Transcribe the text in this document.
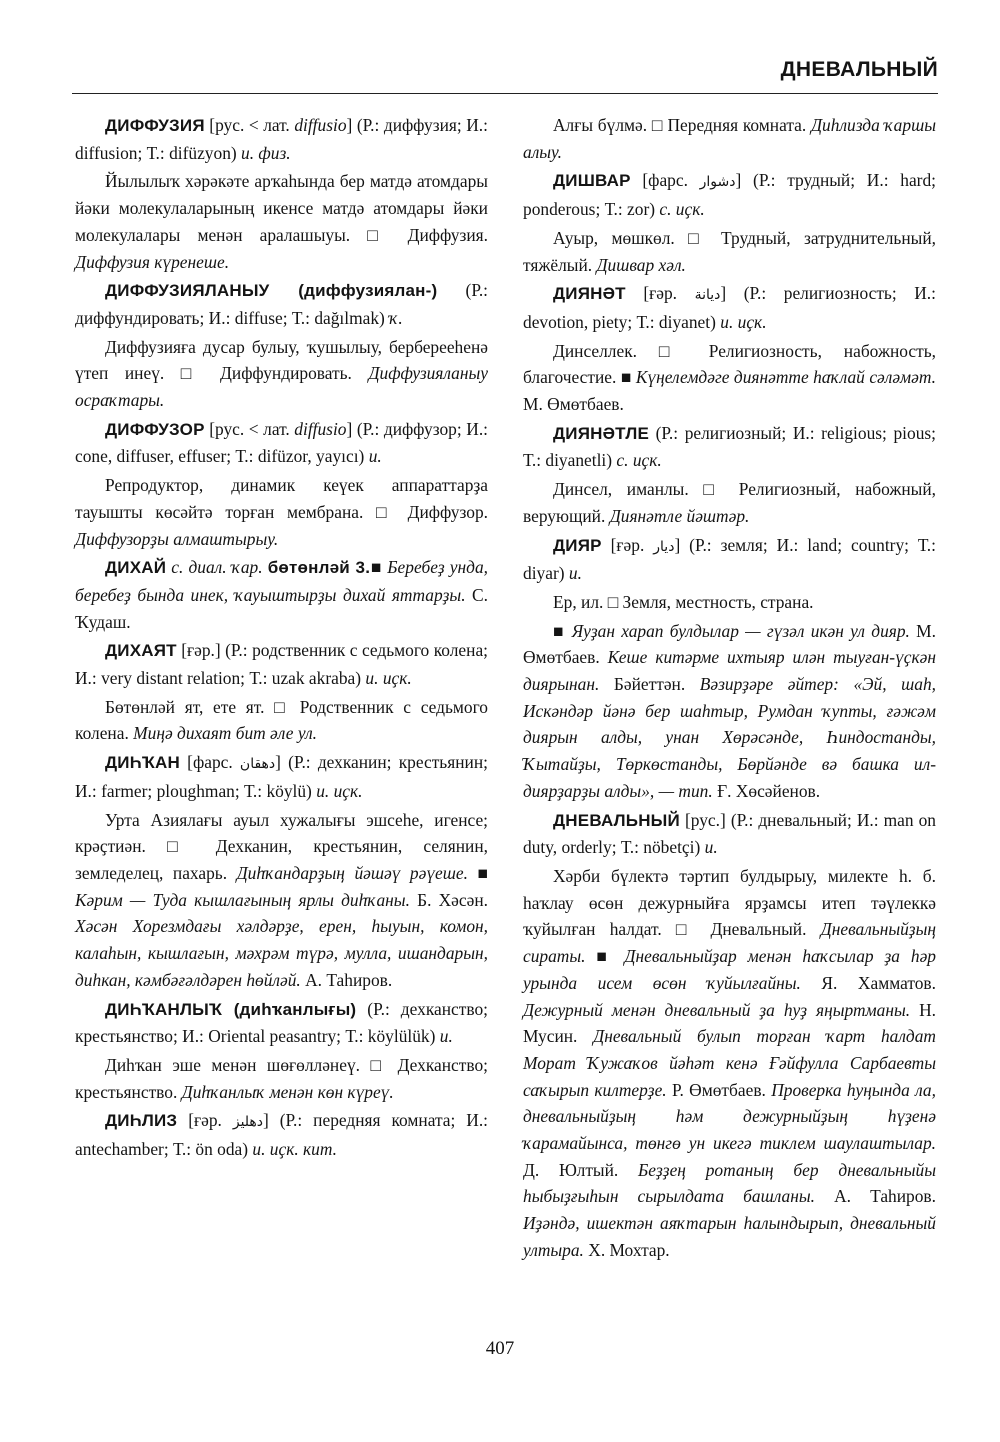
ДНЕВАЛЬНЫЙ

ДИФФУЗИЯ [рус. < лат. diffusio] (Р.: диффузия; И.: diffusion; Т.: difüzyon) и. физ.

Йылылыҡ хәрәкәте арҡаһында бер матдә атомдары йәки молекулаларының икенсе матдә атомдары йәки молекулалары менән аралашыуы. □ Диффузия. Диффузия күренеше.

ДИФФУЗИЯЛАНЫУ (диффузиялан-) (Р.: диффундировать; И.: diffuse; Т.: dağılmak) ҡ.

Диффузияға дусар булыу, ҡушылыу, берберееһенә үтеп инеү. □ Диффундировать. Диффузияланыу осраҡтары.

ДИФФУЗОР [рус. < лат. diffusio] (Р.: диффузор; И.: cone, diffuser, effuser; Т.: difüzor, yayıcı) и.

Репродуктор, динамик кеүек аппараттарҙа тауышты көсәйтә торған мембрана. □ Диффузор. Диффузорҙы алмаштырыу.

ДИХАЙ с. диал. ҡар. бөтөнләй 3.■ Беребеҙ унда, беребеҙ бында инек, ҡауыштырҙы дихай яттарҙы. С. Ҡудаш.

ДИХАЯТ [ғәр.] (Р.: родственник с седьмого колена; И.: very distant relation; Т.: uzak akraba) и. иҫк.

Бөтөнләй ят, ете ят. □ Родственник с седьмого колена. Миңә дихаят бит әле ул.

ДИҺҠАН [фарс. دهقان] (Р.: дехканин; крестьянин; И.: farmer; ploughman; Т.: köylü) и. иҫк.

Урта Азиялағы ауыл хужалығы эшсеһе, игенсе; крәҫтиән. □ Дехканин, крестьянин, селянин, земледелец, пахарь. Диһҡандарҙың йәшәү рәүеше. ■ Кәрим — Туда кышлағының ярлы диһҡаны. Б. Хәсән. Хәсән Хорезмдағы хәлдәрҙе, ерен, һыуын, комон, калаһын, кышлағын, мәхрәм түрә, мулла, ишандарын, диһкан, кәмбәғәлдәрен һөйләй. А. Таһиров.

ДИҺҠАНЛЫҠ (диһҡанлығы) (Р.: дехканство; крестьянство; И.: Oriental peasantry; Т.: köylülük) и.

Диһҡан эше менән шөғөлләнеү. □ Дехканство; крестьянство. Диһҡанлыҡ менән көн күреү.

ДИҺЛИЗ [ғәр. دهليز] (Р.: передняя комната; И.: antechamber; Т.: ön oda) и. иҫк. кит.

Алғы бүлмә. □ Передняя комната. Диһлизда ҡаршы алыу.

ДИШВАР [фарс. دشوار] (Р.: трудный; И.: hard; ponderous; Т.: zor) с. иҫк.

Ауыр, мөшкөл. □ Трудный, затруднительный, тяжёлый. Дишвар хәл.

ДИЯНӘТ [ғәр. ديانة] (Р.: религиозность; И.: devotion, piety; Т.: diyanet) и. иҫк.

Динселлек. □ Религиозность, набожность, благочестие. ■ Күңелемдәге диянәтте һаҡлай сәләмәт. М. Өмөтбаев.

ДИЯНӘТЛЕ (Р.: религиозный; И.: religious; pious; Т.: diyanetli) с. иҫк.

Динсел, иманлы. □ Религиозный, набожный, верующий. Диянәтле йәштәр.

ДИЯР [ғәр. ديار] (Р.: земля; И.: land; country; Т.: diyar) и.

Ер, ил. □ Земля, местность, страна.

■ Яуҙан харап булдылар — гүзәл икән ул дияр. М. Өмөтбаев. Кеше китәрме ихтыяр илән тыуған-үҫкән диярынан. Бәйеттән. Вәзирҙәре әйтер: «Эй, шаһ, Искәндәр йәнә бер шаһтыр, Румдан ҡупты, ғәжәм диярын алды, унан Хөрәсәнде, Һиндостанды, Ҡытайҙы, Төркөстанды, Бөрйәнде вә башка ил-диярҙарҙы алды», — тип. Ғ. Хөсәйенов.

ДНЕВАЛЬНЫЙ [рус.] (Р.: дневальный; И.: man on duty, orderly; Т.: nöbetçi) и.

Хәрби бүлектә тәртип булдырыу, милекте һ. б. һаҡлау өсөн дежурныйға ярҙамсы итеп тәүлеккә ҡуйылған һалдат. □ Дневальный. Дневальныйҙың сираты. ■ Дневальныйҙар менән һаҡсылар ҙа һәр урында исем өсөн ҡуйылғайны. Я. Хамматов. Дежурный менән дневальный ҙа һуҙ яңыртманы. Н. Мусин. Дневальный булып торған ҡарт һалдат Морат Ҡужаҡов йәһәт кенә Ғәйфулла Сарбаевты саҡырып килтерҙе. Р. Өмөтбаев. Проверка һуңында ла, дневальныйҙың һәм дежурныйҙың һүҙенә ҡарамайынса, төнгө ун икегә тиклем шаулаштылар. Д. Юлтый. Беҙҙең ротаның бер дневальныйы һыбыҙғыһын сырылдата башланы. А. Таһиров. Иҙәндә, ишектән аяҡтарын һалындырып, дневальный ултыра. Х. Мохтар.

407
